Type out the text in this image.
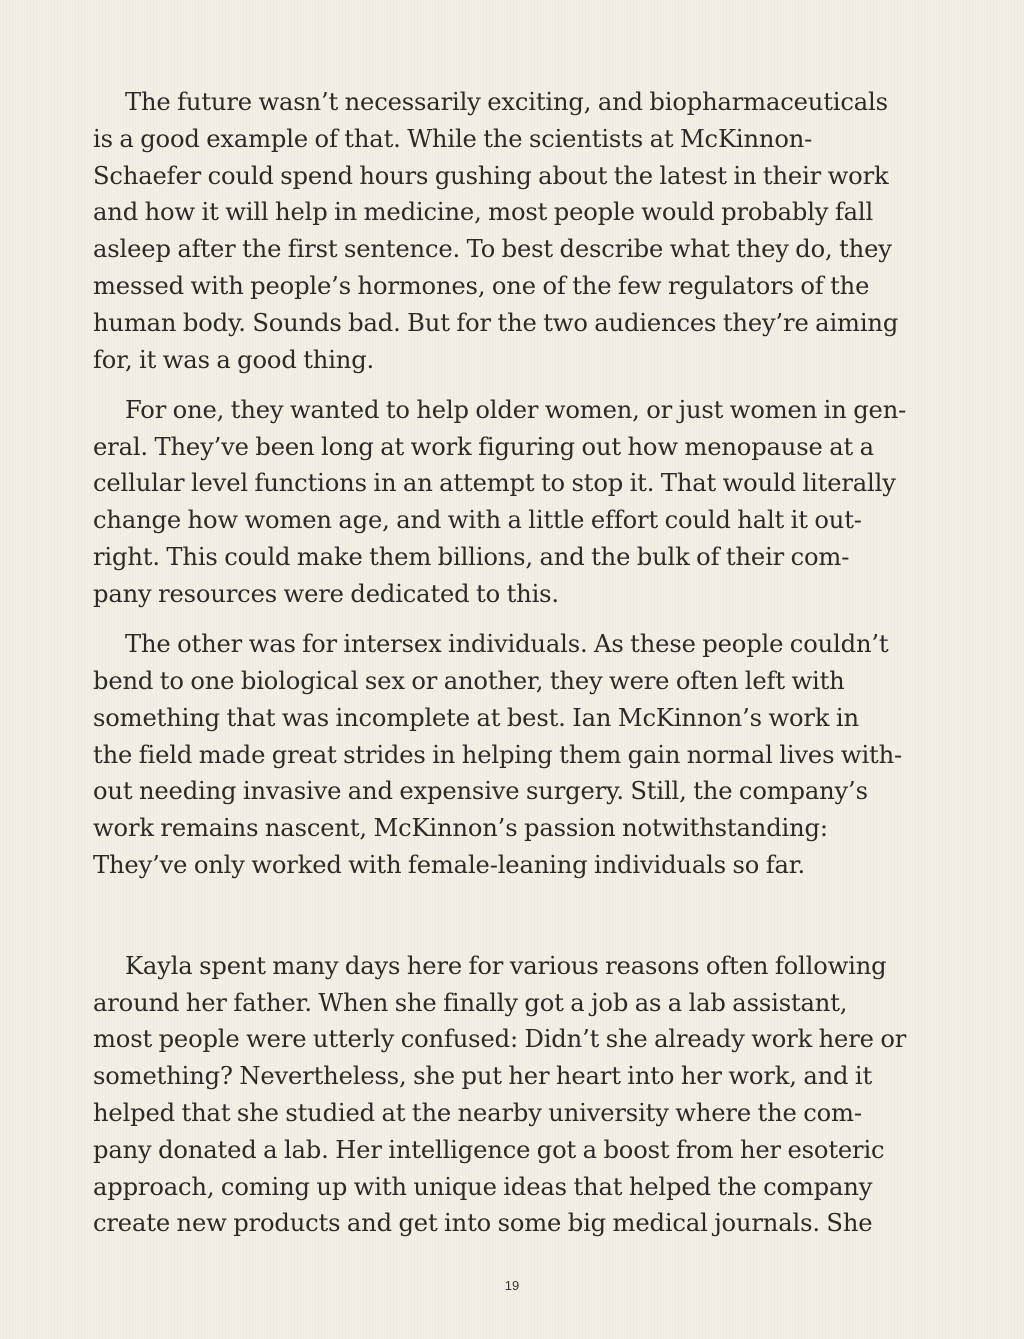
The future wasn’t necessarily exciting, and biopharmaceuticals
is a good example of that. While the scientists at McKinnon-
Schaefer could spend hours gushing about the latest in their work
and how it will help in medicine, most people would probably fall
asleep after the first sentence. To best describe what they do, they
messed with people’s hormones, one of the few regulators of the
human body. Sounds bad. But for the two audiences they’re aiming
for, it was a good thing.
For one, they wanted to help older women, or just women in gen-
eral. They’ve been long at work figuring out how menopause at a
cellular level functions in an attempt to stop it. That would literally
change how women age, and with a little effort could halt it out-
right. This could make them billions, and the bulk of their com-
pany resources were dedicated to this.
The other was for intersex individuals. As these people couldn’t
bend to one biological sex or another, they were often left with
something that was incomplete at best. Ian McKinnon’s work in
the field made great strides in helping them gain normal lives with-
out needing invasive and expensive surgery. Still, the company’s
work remains nascent, McKinnon’s passion notwithstanding:
They’ve only worked with female-leaning individuals so far.
Kayla spent many days here for various reasons often following
around her father. When she finally got a job as a lab assistant,
most people were utterly confused: Didn’t she already work here or
something? Nevertheless, she put her heart into her work, and it
helped that she studied at the nearby university where the com-
pany donated a lab. Her intelligence got a boost from her esoteric
approach, coming up with unique ideas that helped the company
create new products and get into some big medical journals. She
19
